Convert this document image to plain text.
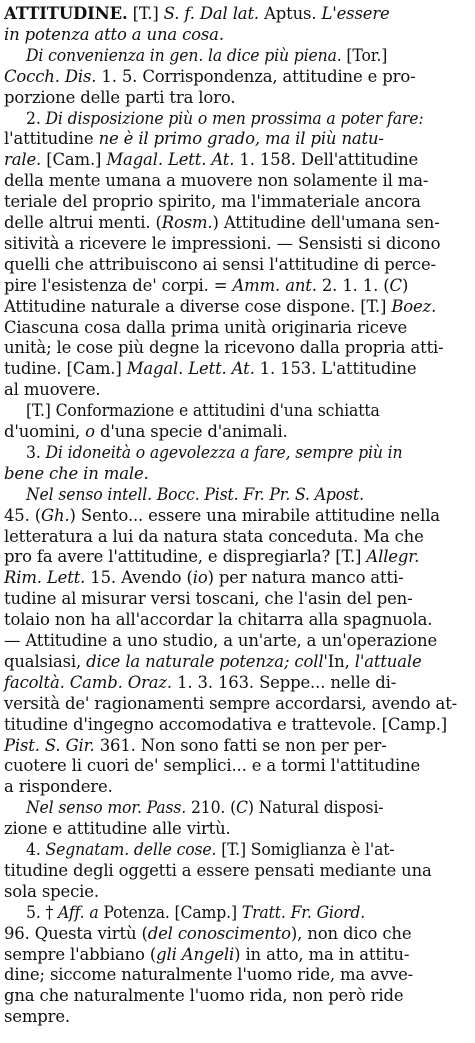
ATTITUDINE. [T.] S. f. Dal lat. Aptus. L'essere
in potenza atto a una cosa.
Di convenienza in gen. la dice più piena. [Tor.]
Cocch. Dis. 1. 5. Corrispondenza, attitudine e pro-
porzione delle parti tra loro.
2. Di disposizione più o men prossima a poter fare:
l'attitudine ne è il primo grado, ma il più natu-
rale. [Cam.] Magal. Lett. At. 1. 158. Dell'attitudine
della mente umana a muovere non solamente il ma-
teriale del proprio spirito, ma l'immateriale ancora
delle altrui menti. (Rosm.) Attitudine dell'umana sen-
sitività a ricevere le impressioni. — Sensisti si dicono
quelli che attribuiscono ai sensi l'attitudine di perce-
pire l'esistenza de' corpi. = Amm. ant. 2. 1. 1. (C)
Attitudine naturale a diverse cose dispone. [T.] Boez.
Ciascuna cosa dalla prima unità originaria riceve
unità; le cose più degne la ricevono dalla propria atti-
tudine. [Cam.] Magal. Lett. At. 1. 153. L'attitudine
al muovere.
[T.] Conformazione e attitudini d'una schiatta
d'uomini, o d'una specie d'animali.
3. Di idoneità o agevolezza a fare, sempre più in
bene che in male.
Nel senso intell. Bocc. Pist. Fr. Pr. S. Apost.
45. (Gh.) Sento... essere una mirabile attitudine nella
letteratura a lui da natura stata conceduta. Ma che
pro fa avere l'attitudine, e dispregiarla? [T.] Allegr.
Rim. Lett. 15. Avendo (io) per natura manco atti-
tudine al misurar versi toscani, che l'asin del pen-
tolaio non ha all'accordar la chitarra alla spagnuola.
— Attitudine a uno studio, a un'arte, a un'operazione
qualsiasi, dice la naturale potenza; coll'In, l'attuale
facoltà. Camb. Oraz. 1. 3. 163. Seppe... nelle di-
versità de' ragionamenti sempre accordarsi, avendo at-
titudine d'ingegno accomodativa e trattevole. [Camp.]
Pist. S. Gir. 361. Non sono fatti se non per per-
cuotere li cuori de' semplici... e a tormi l'attitudine
a rispondere.
Nel senso mor. Pass. 210. (C) Natural disposi-
zione e attitudine alle virtù.
4. Segnatam. delle cose. [T.] Somiglianza è l'at-
titudine degli oggetti a essere pensati mediante una
sola specie.
5. † Aff. a Potenza. [Camp.] Tratt. Fr. Giord.
96. Questa virtù (del conoscimento), non dico che
sempre l'abbiano (gli Angeli) in atto, ma in attitu-
dine; siccome naturalmente l'uomo ride, ma avve-
gna che naturalmente l'uomo rida, non però ride
sempre.
